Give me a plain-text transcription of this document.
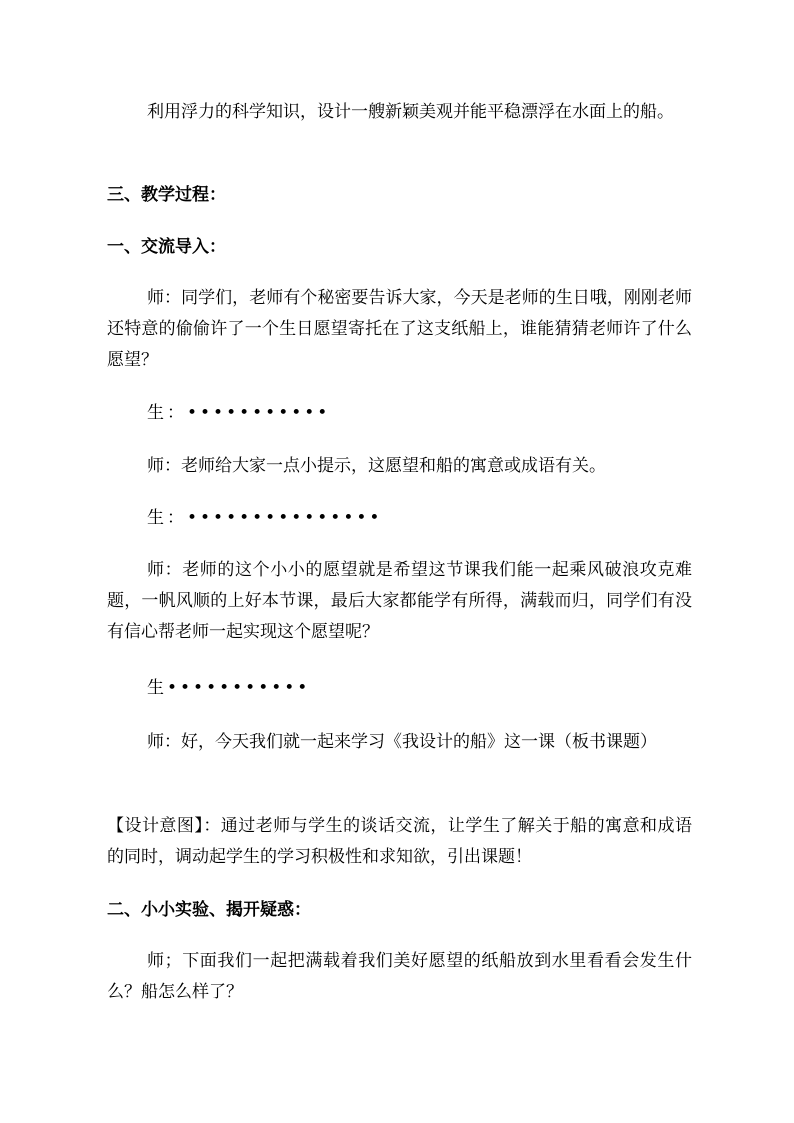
利用浮力的科学知识，设计一艘新颖美观并能平稳漂浮在水面上的船。

三、教学过程：

一、交流导入：

师：同学们，老师有个秘密要告诉大家，今天是老师的生日哦，刚刚老师还特意的偷偷许了一个生日愿望寄托在了这支纸船上，谁能猜猜老师许了什么愿望？

生：•••••••••••

师：老师给大家一点小提示，这愿望和船的寓意或成语有关。

生：•••••••••••••••

师：老师的这个小小的愿望就是希望这节课我们能一起乘风破浪攻克难题，一帆风顺的上好本节课，最后大家都能学有所得，满载而归，同学们有没有信心帮老师一起实现这个愿望呢？

生•••••••••••

师：好，今天我们就一起来学习《我设计的船》这一课（板书课题）

【设计意图】：通过老师与学生的谈话交流，让学生了解关于船的寓意和成语的同时，调动起学生的学习积极性和求知欲，引出课题！

二、小小实验、揭开疑惑：

师；下面我们一起把满载着我们美好愿望的纸船放到水里看看会发生什么？船怎么样了？
